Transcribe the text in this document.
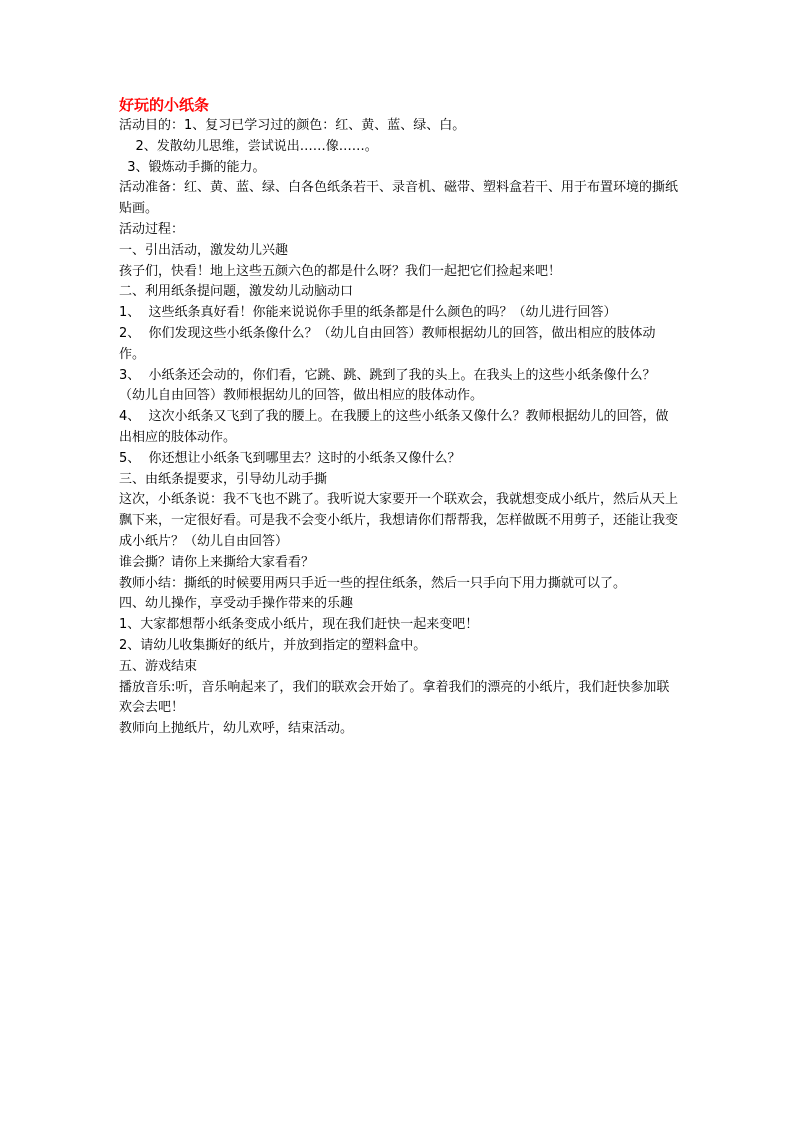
好玩的小纸条

活动目的：1、复习已学习过的颜色：红、黄、蓝、绿、白。

2、发散幼儿思维，尝试说出……像……。

3、锻炼动手撕的能力。

活动准备：红、黄、蓝、绿、白各色纸条若干、录音机、磁带、塑料盒若干、用于布置环境的撕纸贴画。

活动过程：

一、引出活动，激发幼儿兴趣

孩子们，快看！地上这些五颜六色的都是什么呀？我们一起把它们捡起来吧！

二、利用纸条提问题，激发幼儿动脑动口

1、  这些纸条真好看！你能来说说你手里的纸条都是什么颜色的吗？（幼儿进行回答）

2、  你们发现这些小纸条像什么？（幼儿自由回答）教师根据幼儿的回答，做出相应的肢体动作。

3、  小纸条还会动的，你们看，它跳、跳、跳到了我的头上。在我头上的这些小纸条像什么？（幼儿自由回答）教师根据幼儿的回答，做出相应的肢体动作。

4、  这次小纸条又飞到了我的腰上。在我腰上的这些小纸条又像什么？教师根据幼儿的回答，做出相应的肢体动作。

5、  你还想让小纸条飞到哪里去？这时的小纸条又像什么？

三、由纸条提要求，引导幼儿动手撕

这次，小纸条说：我不飞也不跳了。我听说大家要开一个联欢会，我就想变成小纸片，然后从天上飘下来，一定很好看。可是我不会变小纸片，我想请你们帮帮我，怎样做既不用剪子，还能让我变成小纸片？（幼儿自由回答）

谁会撕？请你上来撕给大家看看？

教师小结：撕纸的时候要用两只手近一些的捏住纸条，然后一只手向下用力撕就可以了。

四、幼儿操作，享受动手操作带来的乐趣

1、大家都想帮小纸条变成小纸片，现在我们赶快一起来变吧！

2、请幼儿收集撕好的纸片，并放到指定的塑料盒中。

五、游戏结束

播放音乐:听，音乐响起来了，我们的联欢会开始了。拿着我们的漂亮的小纸片，我们赶快参加联欢会去吧！

教师向上抛纸片，幼儿欢呼，结束活动。
